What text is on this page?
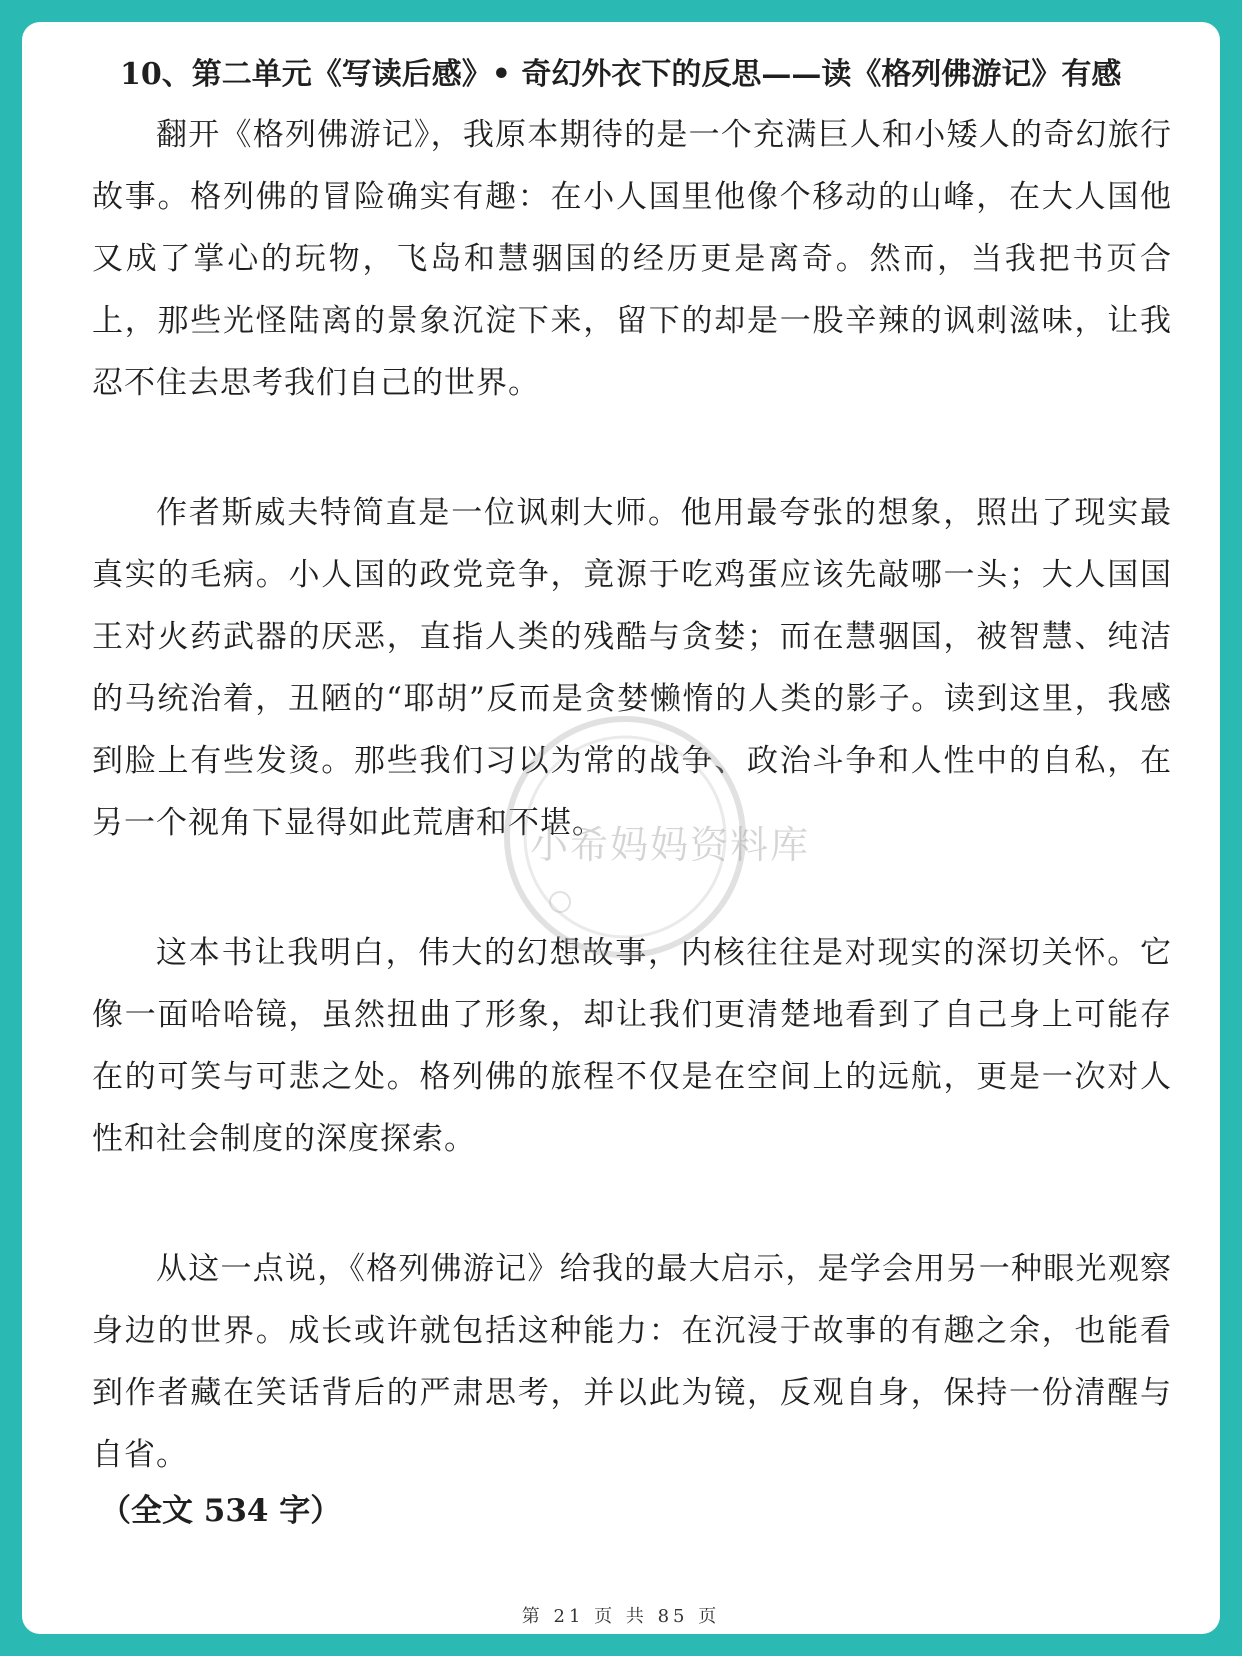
10、第二单元《写读后感》• 奇幻外衣下的反思——读《格列佛游记》有感

翻开《格列佛游记》，我原本期待的是一个充满巨人和小矮人的奇幻旅行故事。格列佛的冒险确实有趣：在小人国里他像个移动的山峰，在大人国他又成了掌心的玩物，飞岛和慧骃国的经历更是离奇。然而，当我把书页合上，那些光怪陆离的景象沉淀下来，留下的却是一股辛辣的讽刺滋味，让我忍不住去思考我们自己的世界。

作者斯威夫特简直是一位讽刺大师。他用最夸张的想象，照出了现实最真实的毛病。小人国的政党竞争，竟源于吃鸡蛋应该先敲哪一头；大人国国王对火药武器的厌恶，直指人类的残酷与贪婪；而在慧骃国，被智慧、纯洁的马统治着，丑陋的“耶胡”反而是贪婪懒惰的人类的影子。读到这里，我感到脸上有些发烫。那些我们习以为常的战争、政治斗争和人性中的自私，在另一个视角下显得如此荒唐和不堪。

这本书让我明白，伟大的幻想故事，内核往往是对现实的深切关怀。它像一面哈哈镜，虽然扭曲了形象，却让我们更清楚地看到了自己身上可能存在的可笑与可悲之处。格列佛的旅程不仅是在空间上的远航，更是一次对人性和社会制度的深度探索。

从这一点说，《格列佛游记》给我的最大启示，是学会用另一种眼光观察身边的世界。成长或许就包括这种能力：在沉浸于故事的有趣之余，也能看到作者藏在笑话背后的严肃思考，并以此为镜，反观自身，保持一份清醒与自省。

（全文 534 字）
小希妈妈资料库
第 21 页 共 85 页
